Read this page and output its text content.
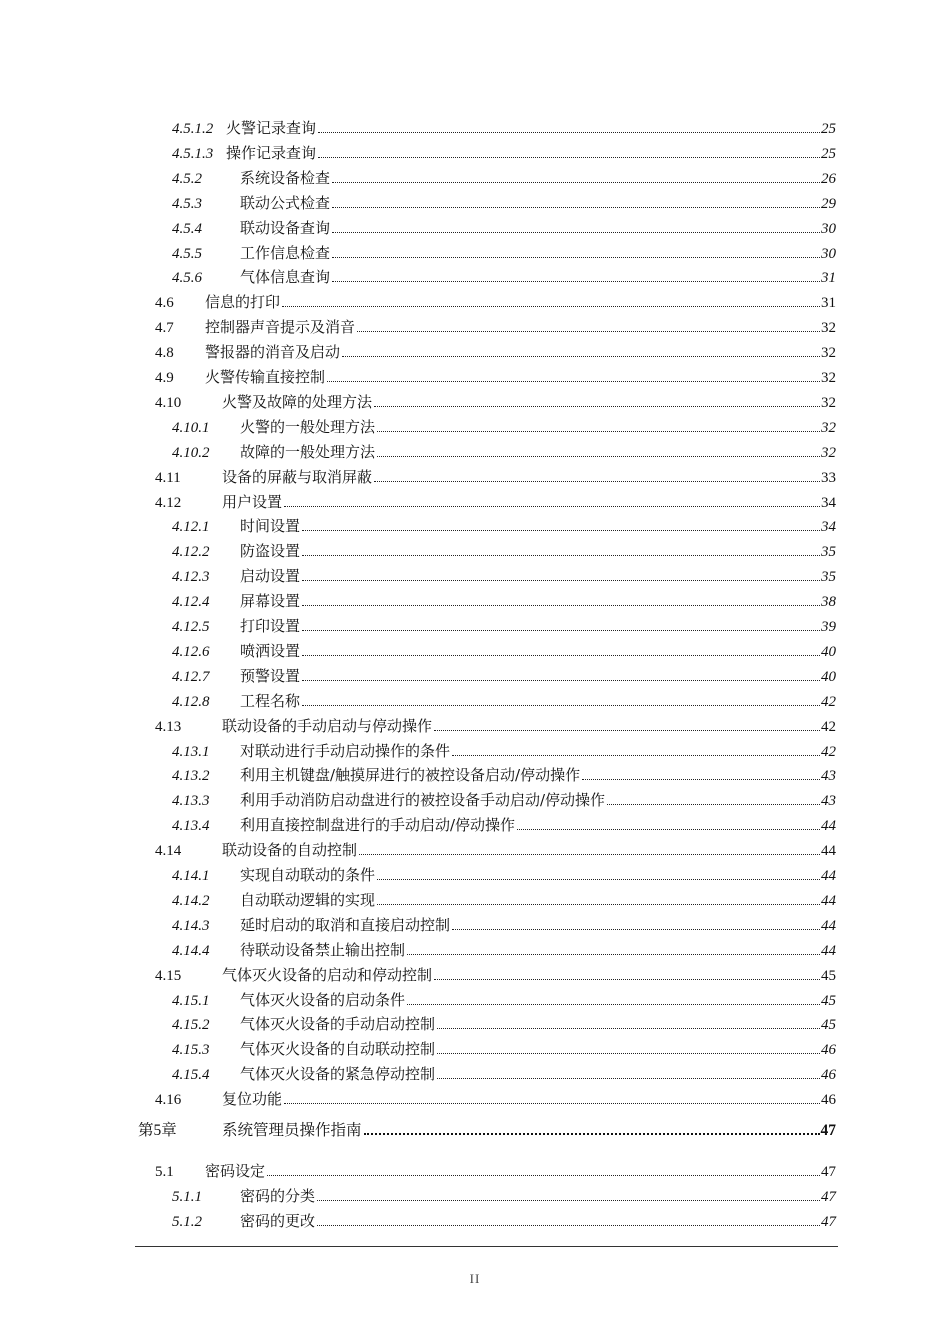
4.5.1.2 火警记录查询	25
4.5.1.3 操作记录查询	25
4.5.2	系统设备检查	26
4.5.3	联动公式检查	29
4.5.4	联动设备查询	30
4.5.5	工作信息检查	30
4.5.6	气体信息查询	31
4.6	信息的打印	31
4.7	控制器声音提示及消音	32
4.8	警报器的消音及启动	32
4.9	火警传输直接控制	32
4.10	火警及故障的处理方法	32
4.10.1	火警的一般处理方法	32
4.10.2	故障的一般处理方法	32
4.11	设备的屏蔽与取消屏蔽	33
4.12	用户设置	34
4.12.1	时间设置	34
4.12.2	防盗设置	35
4.12.3	启动设置	35
4.12.4	屏幕设置	38
4.12.5	打印设置	39
4.12.6	喷洒设置	40
4.12.7	预警设置	40
4.12.8	工程名称	42
4.13	联动设备的手动启动与停动操作	42
4.13.1	对联动进行手动启动操作的条件	42
4.13.2	利用主机键盘/触摸屏进行的被控设备启动/停动操作	43
4.13.3	利用手动消防启动盘进行的被控设备手动启动/停动操作	43
4.13.4	利用直接控制盘进行的手动启动/停动操作	44
4.14	联动设备的自动控制	44
4.14.1	实现自动联动的条件	44
4.14.2	自动联动逻辑的实现	44
4.14.3	延时启动的取消和直接启动控制	44
4.14.4	待联动设备禁止输出控制	44
4.15	气体灭火设备的启动和停动控制	45
4.15.1	气体灭火设备的启动条件	45
4.15.2	气体灭火设备的手动启动控制	45
4.15.3	气体灭火设备的自动联动控制	46
4.15.4	气体灭火设备的紧急停动控制	46
4.16	复位功能	46
第5章	系统管理员操作指南	47
5.1	密码设定	47
5.1.1	密码的分类	47
5.1.2	密码的更改	47
II
